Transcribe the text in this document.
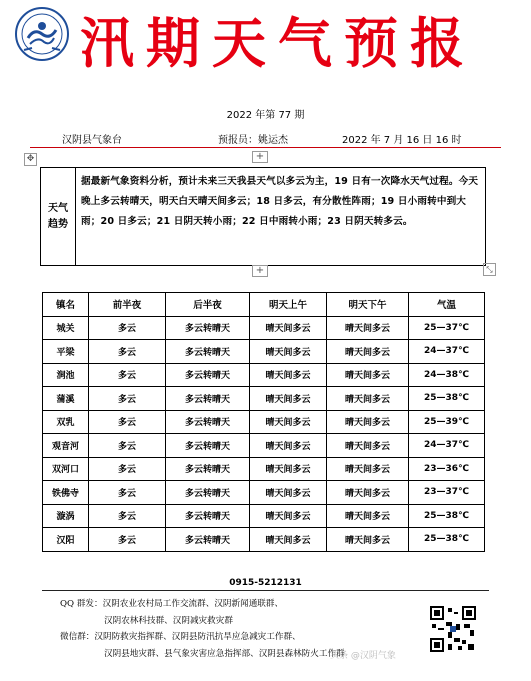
汛期天气预报
2022 年第 77 期
汉阴县气象台	预报员：姚运杰	2022 年 7 月 16 日 16 时
✥	+
天气
趋势
据最新气象资料分析，预计未来三天我县天气以多云为主，19 日有一次降水天气过程。今天晚上多云转晴天，明天白天晴天间多云；18 日多云，有分散性阵雨；19 日小雨转中到大雨；20 日多云；21 日阴天转小雨；22 日中雨转小雨；23 日阴天转多云。
+	⤡
镇名	前半夜	后半夜	明天上午	明天下午	气温
城关	多云	多云转晴天	晴天间多云	晴天间多云	25—37℃
平梁	多云	多云转晴天	晴天间多云	晴天间多云	24—37℃
涧池	多云	多云转晴天	晴天间多云	晴天间多云	24—38℃
蒲溪	多云	多云转晴天	晴天间多云	晴天间多云	25—38℃
双乳	多云	多云转晴天	晴天间多云	晴天间多云	25—39℃
观音河	多云	多云转晴天	晴天间多云	晴天间多云	24—37℃
双河口	多云	多云转晴天	晴天间多云	晴天间多云	23—36℃
铁佛寺	多云	多云转晴天	晴天间多云	晴天间多云	23—37℃
漩涡	多云	多云转晴天	晴天间多云	晴天间多云	25—38℃
汉阳	多云	多云转晴天	晴天间多云	晴天间多云	25—38℃
0915-5212131
QQ 群发：汉阴农业农村局工作交流群、汉阴新闻通联群、
汉阴农林科技群、汉阴减灾救灾群
微信群：汉阴防救灾指挥群、汉阴县防汛抗旱应急减灾工作群、
汉阴县地灾群、县气象灾害应急指挥部、汉阴县森林防火工作群
头条 @汉阴气象
